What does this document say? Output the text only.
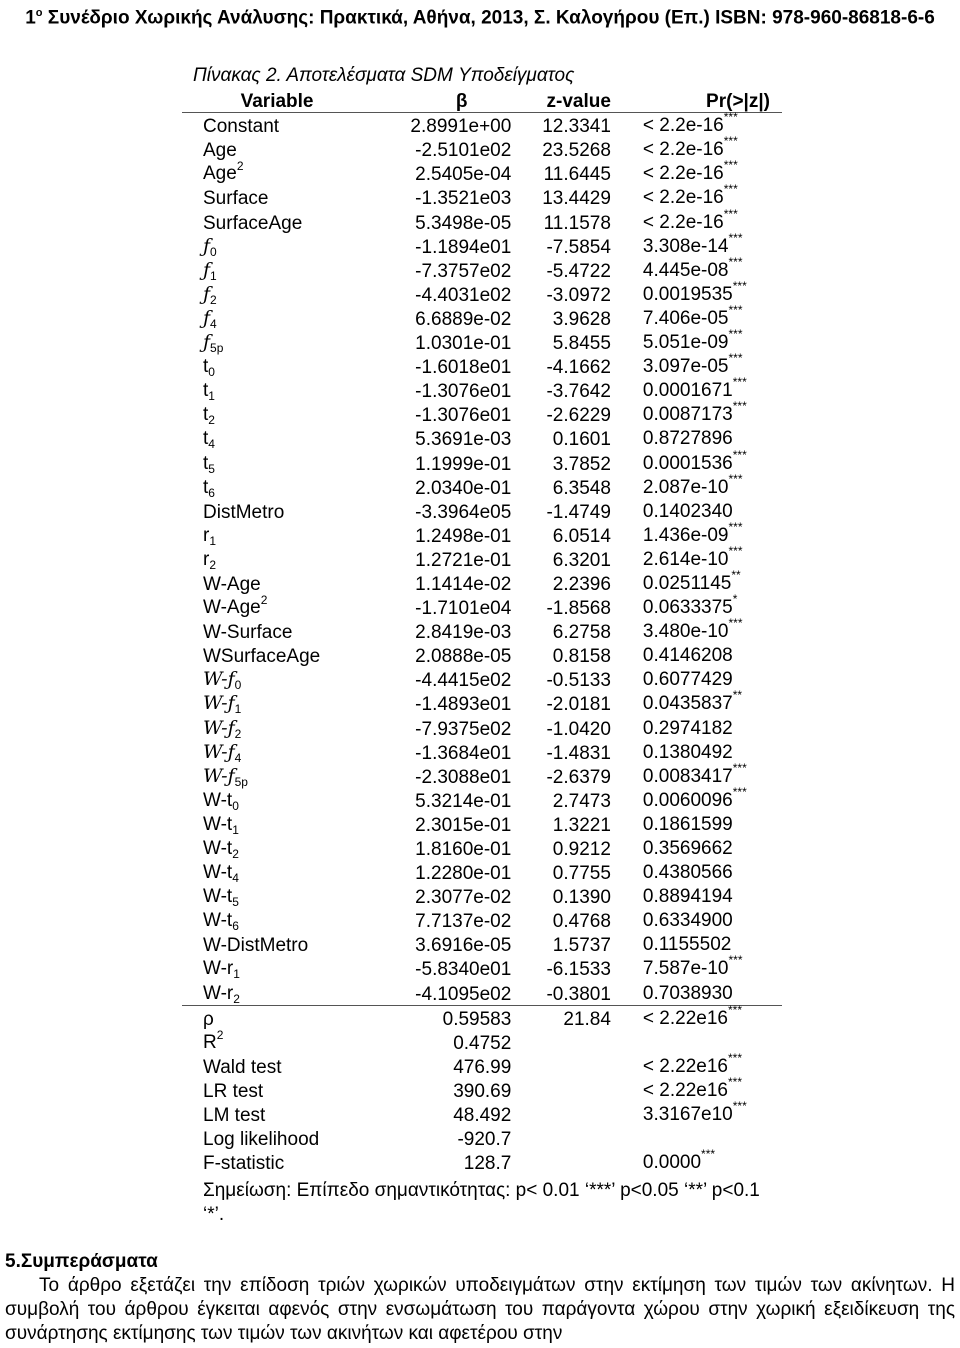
$1^o$ Συνέδριο Χωρικής Ανάλυσης: Πρακτικά, Αθήνα, 2013, Σ. Καλογήρου (Επ.) ISBN: 978-960-86818-6-6
Πίνακας 2. Αποτελέσματα SDM Υποδείγματος
Variable	β	z-value	Pr(>|z|)
Constant	2.8991e+00	12.3341	< 2.2e-16***
Age	-2.5101e02	23.5268	< 2.2e-16***
Age$^2$	2.5405e-04	11.6445	< 2.2e-16***
Surface	-1.3521e03	13.4429	< 2.2e-16***
SurfaceAge	5.3498e-05	11.1578	< 2.2e-16***
$ƒ_0$	-1.1894e01	-7.5854	3.308e-14***
$ƒ_1$	-7.3757e02	-5.4722	4.445e-08***
$ƒ_2$	-4.4031e02	-3.0972	0.0019535***
$ƒ_4$	6.6889e-02	3.9628	7.406e-05***
$ƒ_{5p}$	1.0301e-01	5.8455	5.051e-09***
$t_0$	-1.6018e01	-4.1662	3.097e-05***
$t_1$	-1.3076e01	-3.7642	0.0001671***
$t_2$	-1.3076e01	-2.6229	0.0087173***
$t_4$	5.3691e-03	0.1601	0.8727896
$t_5$	1.1999e-01	3.7852	0.0001536***
$t_6$	2.0340e-01	6.3548	2.087e-10***
DistMetro	-3.3964e05	-1.4749	0.1402340
$r_1$	1.2498e-01	6.0514	1.436e-09***
$r_2$	1.2721e-01	6.3201	2.614e-10***
W-Age	1.1414e-02	2.2396	0.0251145**
W-Age$^2$	-1.7101e04	-1.8568	0.0633375*
W-Surface	2.8419e-03	6.2758	3.480e-10***
WSurfaceAge	2.0888e-05	0.8158	0.4146208
$W-ƒ_0$	-4.4415e02	-0.5133	0.6077429
$W-ƒ_1$	-1.4893e01	-2.0181	0.0435837**
$W-ƒ_2$	-7.9375e02	-1.0420	0.2974182
$W-ƒ_4$	-1.3684e01	-1.4831	0.1380492
$W-ƒ_{5p}$	-2.3088e01	-2.6379	0.0083417***
$W-t_0$	5.3214e-01	2.7473	0.0060096***
$W-t_1$	2.3015e-01	1.3221	0.1861599
$W-t_2$	1.8160e-01	0.9212	0.3569662
$W-t_4$	1.2280e-01	0.7755	0.4380566
$W-t_5$	2.3077e-02	0.1390	0.8894194
$W-t_6$	7.7137e-02	0.4768	0.6334900
W-DistMetro	3.6916e-05	1.5737	0.1155502
$W-r_1$	-5.8340e01	-6.1533	7.587e-10***
$W-r_2$	-4.1095e02	-0.3801	0.7038930
ρ	0.59583	21.84	< 2.22e16***
$R^2$	0.4752		
Wald test	476.99		< 2.22e16***
LR test	390.69		< 2.22e16***
LM test	48.492		3.3167e10***
Log likelihood	-920.7		
F-statistic	128.7		0.0000***
Σημείωση: Επίπεδο σημαντικότητας: p< 0.01 ‘***’ p<0.05 ‘**’ p<0.1 ‘*’.
5.Συμπεράσματα
Το άρθρο εξετάζει την επίδοση τριών χωρικών υποδειγμάτων στην εκτίμηση των τιμών των ακίνητων. Η συμβολή του άρθρου έγκειται αφενός στην ενσωμάτωση του παράγοντα χώρου στην χωρική εξειδίκευση της συνάρτησης εκτίμησης των τιμών των ακινήτων και αφετέρου στην
